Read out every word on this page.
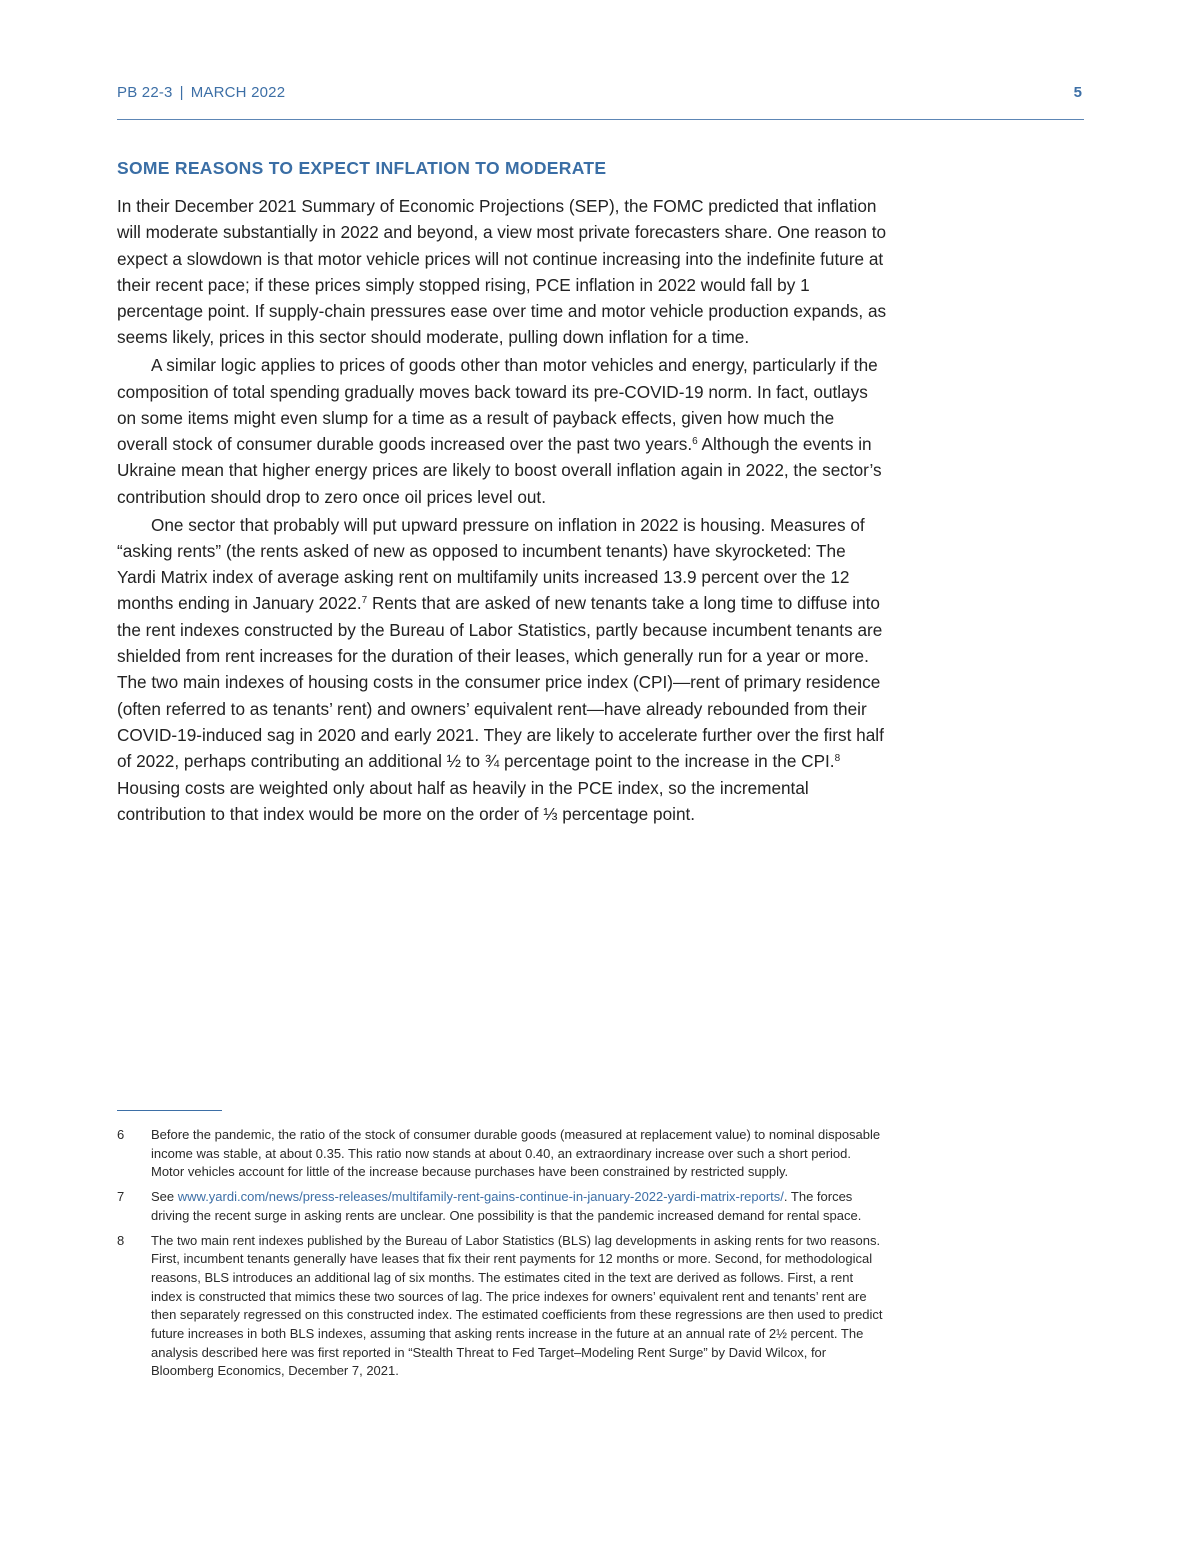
PB 22-3 | MARCH 2022	5
SOME REASONS TO EXPECT INFLATION TO MODERATE

In their December 2021 Summary of Economic Projections (SEP), the FOMC predicted that inflation will moderate substantially in 2022 and beyond, a view most private forecasters share. One reason to expect a slowdown is that motor vehicle prices will not continue increasing into the indefinite future at their recent pace; if these prices simply stopped rising, PCE inflation in 2022 would fall by 1 percentage point. If supply-chain pressures ease over time and motor vehicle production expands, as seems likely, prices in this sector should moderate, pulling down inflation for a time.

A similar logic applies to prices of goods other than motor vehicles and energy, particularly if the composition of total spending gradually moves back toward its pre-COVID-19 norm. In fact, outlays on some items might even slump for a time as a result of payback effects, given how much the overall stock of consumer durable goods increased over the past two years.$^6$ Although the events in Ukraine mean that higher energy prices are likely to boost overall inflation again in 2022, the sector’s contribution should drop to zero once oil prices level out.

One sector that probably will put upward pressure on inflation in 2022 is housing. Measures of “asking rents” (the rents asked of new as opposed to incumbent tenants) have skyrocketed: The Yardi Matrix index of average asking rent on multifamily units increased 13.9 percent over the 12 months ending in January 2022.$^7$ Rents that are asked of new tenants take a long time to diffuse into the rent indexes constructed by the Bureau of Labor Statistics, partly because incumbent tenants are shielded from rent increases for the duration of their leases, which generally run for a year or more. The two main indexes of housing costs in the consumer price index (CPI)—rent of primary residence (often referred to as tenants’ rent) and owners’ equivalent rent—have already rebounded from their COVID-19-induced sag in 2020 and early 2021. They are likely to accelerate further over the first half of 2022, perhaps contributing an additional ½ to ¾ percentage point to the increase in the CPI.$^8$ Housing costs are weighted only about half as heavily in the PCE index, so the incremental contribution to that index would be more on the order of ⅓ percentage point.

6 Before the pandemic, the ratio of the stock of consumer durable goods (measured at replacement value) to nominal disposable income was stable, at about 0.35. This ratio now stands at about 0.40, an extraordinary increase over such a short period. Motor vehicles account for little of the increase because purchases have been constrained by restricted supply.
7 See www.yardi.com/news/press-releases/multifamily-rent-gains-continue-in-january-2022-yardi-matrix-reports/. The forces driving the recent surge in asking rents are unclear. One possibility is that the pandemic increased demand for rental space.
8 The two main rent indexes published by the Bureau of Labor Statistics (BLS) lag developments in asking rents for two reasons. First, incumbent tenants generally have leases that fix their rent payments for 12 months or more. Second, for methodological reasons, BLS introduces an additional lag of six months. The estimates cited in the text are derived as follows. First, a rent index is constructed that mimics these two sources of lag. The price indexes for owners’ equivalent rent and tenants’ rent are then separately regressed on this constructed index. The estimated coefficients from these regressions are then used to predict future increases in both BLS indexes, assuming that asking rents increase in the future at an annual rate of 2½ percent. The analysis described here was first reported in “Stealth Threat to Fed Target–Modeling Rent Surge” by David Wilcox, for Bloomberg Economics, December 7, 2021.
